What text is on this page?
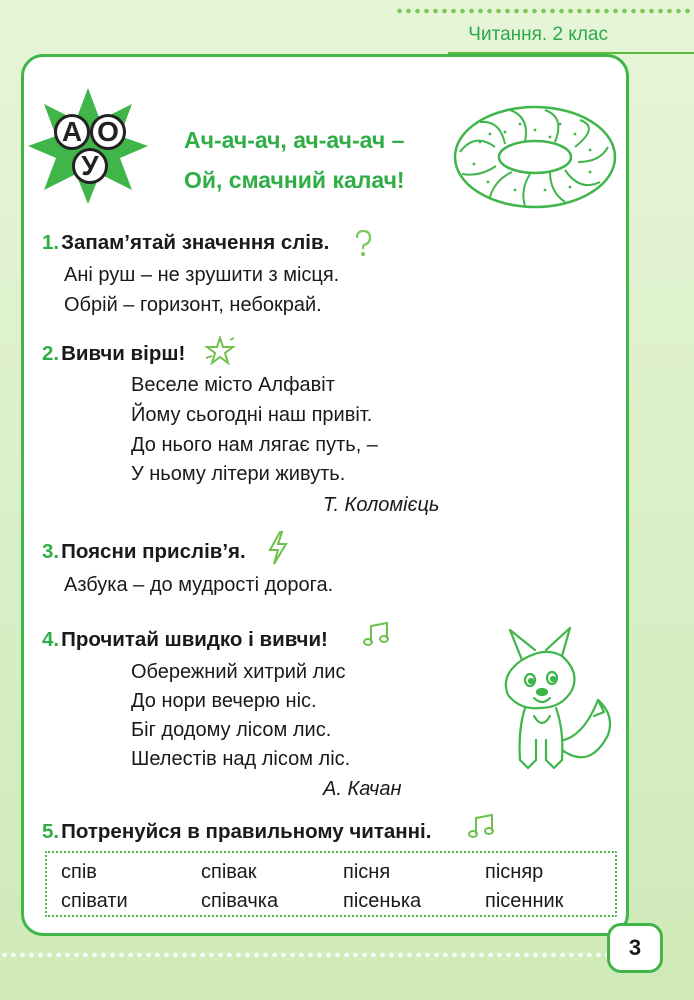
Читання. 2 клас
А О
У
Ач-ач-ач, ач-ач-ач –
Ой, смачний калач!
1.Запам’ятай значення слів.
Ані руш – не зрушити з місця.
Обрій – горизонт, небокрай.
2.Вивчи вірш!
Веселе місто Алфавіт
Йому сьогодні наш привіт.
До нього нам лягає путь, –
У ньому літери живуть.
Т. Коломієць
3.Поясни прислів’я.
Азбука – до мудрості дорога.
4.Прочитай швидко і вивчи!
Обережний хитрий лис
До нори вечерю ніс.
Біг додому лісом лис.
Шелестів над лісом ліс.
А. Качан
5.Потренуйся в правильному читанні.
спів	співак	пісня	пісняр
співати	співачка	пісенька	пісенник
3
